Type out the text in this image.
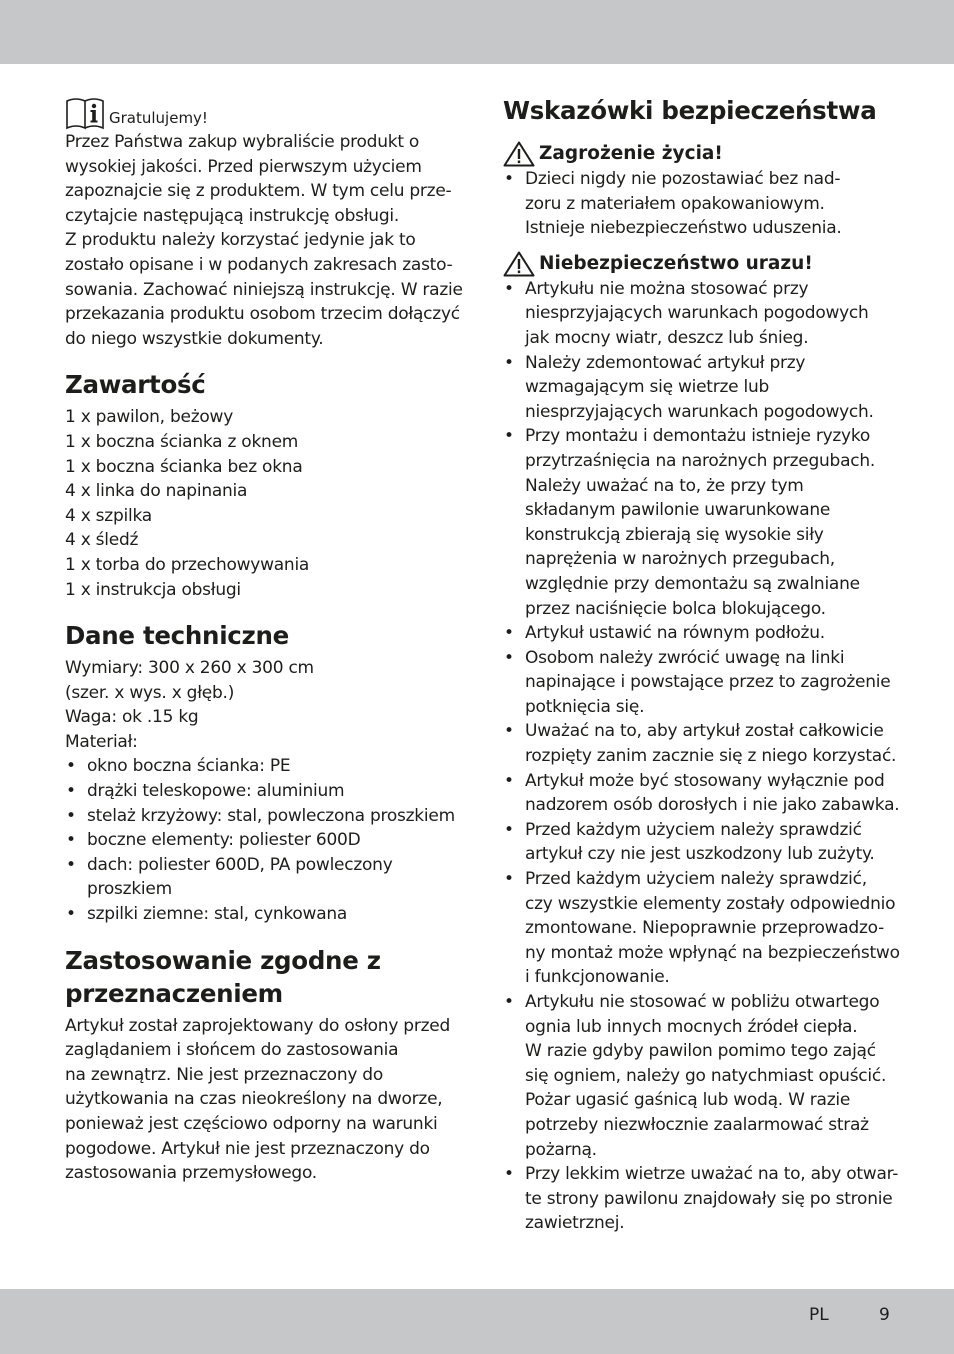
Gratulujemy!

Przez Państwa zakup wybraliście produkt o
wysokiej jakości. Przed pierwszym użyciem
zapoznajcie się z produktem. W tym celu prze-
czytajcie następującą instrukcję obsługi.
Z produktu należy korzystać jedynie jak to
zostało opisane i w podanych zakresach zasto-
sowania. Zachować niniejszą instrukcję. W razie
przekazania produktu osobom trzecim dołączyć
do niego wszystkie dokumenty.

Zawartość
1 x pawilon, beżowy
1 x boczna ścianka z oknem
1 x boczna ścianka bez okna
4 x linka do napinania
4 x szpilka
4 x śledź
1 x torba do przechowywania
1 x instrukcja obsługi
Dane techniczne
Wymiary: 300 x 260 x 300 cm
(szer. x wys. x głęb.)
Waga: ok .15 kg
Materiał:
• okno boczna ścianka: PE
• drążki teleskopowe: aluminium
• stelaż krzyżowy: stal, powleczona proszkiem
• boczne elementy: poliester 600D
• dach: poliester 600D, PA powleczony
proszkiem
• szpilki ziemne: stal, cynkowana
Zastosowanie zgodne z
przeznaczeniem
Artykuł został zaprojektowany do osłony przed
zaglądaniem i słońcem do zastosowania
na zewnątrz. Nie jest przeznaczony do
użytkowania na czas nieokreślony na dworze,
ponieważ jest częściowo odporny na warunki
pogodowe. Artykuł nie jest przeznaczony do
zastosowania przemysłowego.
Wskazówki bezpieczeństwa
Zagrożenie życia!
• Dzieci nigdy nie pozostawiać bez nad-
zoru z materiałem opakowaniowym.
Istnieje niebezpieczeństwo uduszenia.
Niebezpieczeństwo urazu!
• Artykułu nie można stosować przy
niesprzyjających warunkach pogodowych
jak mocny wiatr, deszcz lub śnieg.
• Należy zdemontować artykuł przy
wzmagającym się wietrze lub
niesprzyjających warunkach pogodowych.
• Przy montażu i demontażu istnieje ryzyko
przytrzaśnięcia na narożnych przegubach.
Należy uważać na to, że przy tym
składanym pawilonie uwarunkowane
konstrukcją zbierają się wysokie siły
naprężenia w narożnych przegubach,
względnie przy demontażu są zwalniane
przez naciśnięcie bolca blokującego.
• Artykuł ustawić na równym podłożu.
• Osobom należy zwrócić uwagę na linki
napinające i powstające przez to zagrożenie
potknięcia się.
• Uważać na to, aby artykuł został całkowicie
rozpięty zanim zacznie się z niego korzystać.
• Artykuł może być stosowany wyłącznie pod
nadzorem osób dorosłych i nie jako zabawka.
• Przed każdym użyciem należy sprawdzić
artykuł czy nie jest uszkodzony lub zużyty.
• Przed każdym użyciem należy sprawdzić,
czy wszystkie elementy zostały odpowiednio
zmontowane. Niepoprawnie przeprowadzo-
ny montaż może wpłynąć na bezpieczeństwo
i funkcjonowanie.
• Artykułu nie stosować w pobliżu otwartego
ognia lub innych mocnych źródeł ciepła.
W razie gdyby pawilon pomimo tego zająć
się ogniem, należy go natychmiast opuścić.
Pożar ugasić gaśnicą lub wodą. W razie
potrzeby niezwłocznie zaalarmować straż
pożarną.
• Przy lekkim wietrze uważać na to, aby otwar-
te strony pawilonu znajdowały się po stronie
zawietrznej.
PL	9
